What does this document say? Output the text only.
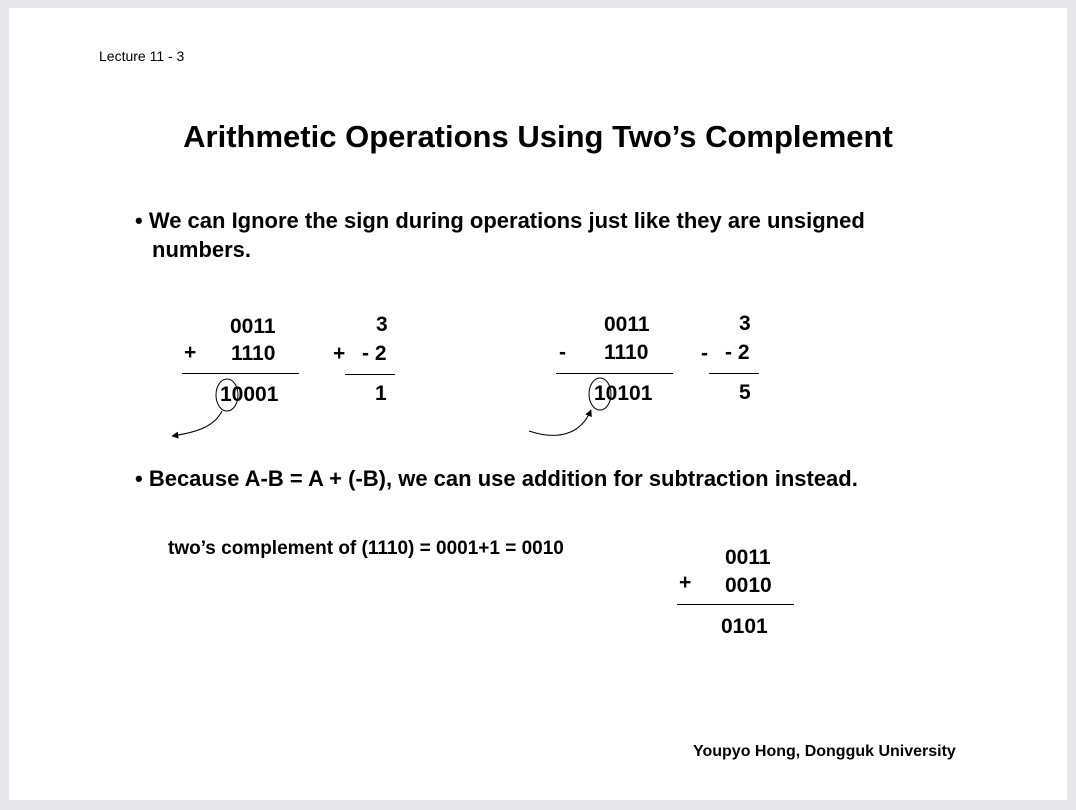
Lecture 11 - 3
Arithmetic Operations Using Two’s Complement
• We can Ignore the sign during operations just like they are unsigned
numbers.
0011
+ 1110
10001
3
+ - 2
1
0011
- 1110
10101
3
- - 2
5
• Because A-B = A + (-B), we can use addition for subtraction instead.
two’s complement of (1110) = 0001+1 = 0010	0011
+ 0010
0101
Youpyo Hong, Dongguk University
